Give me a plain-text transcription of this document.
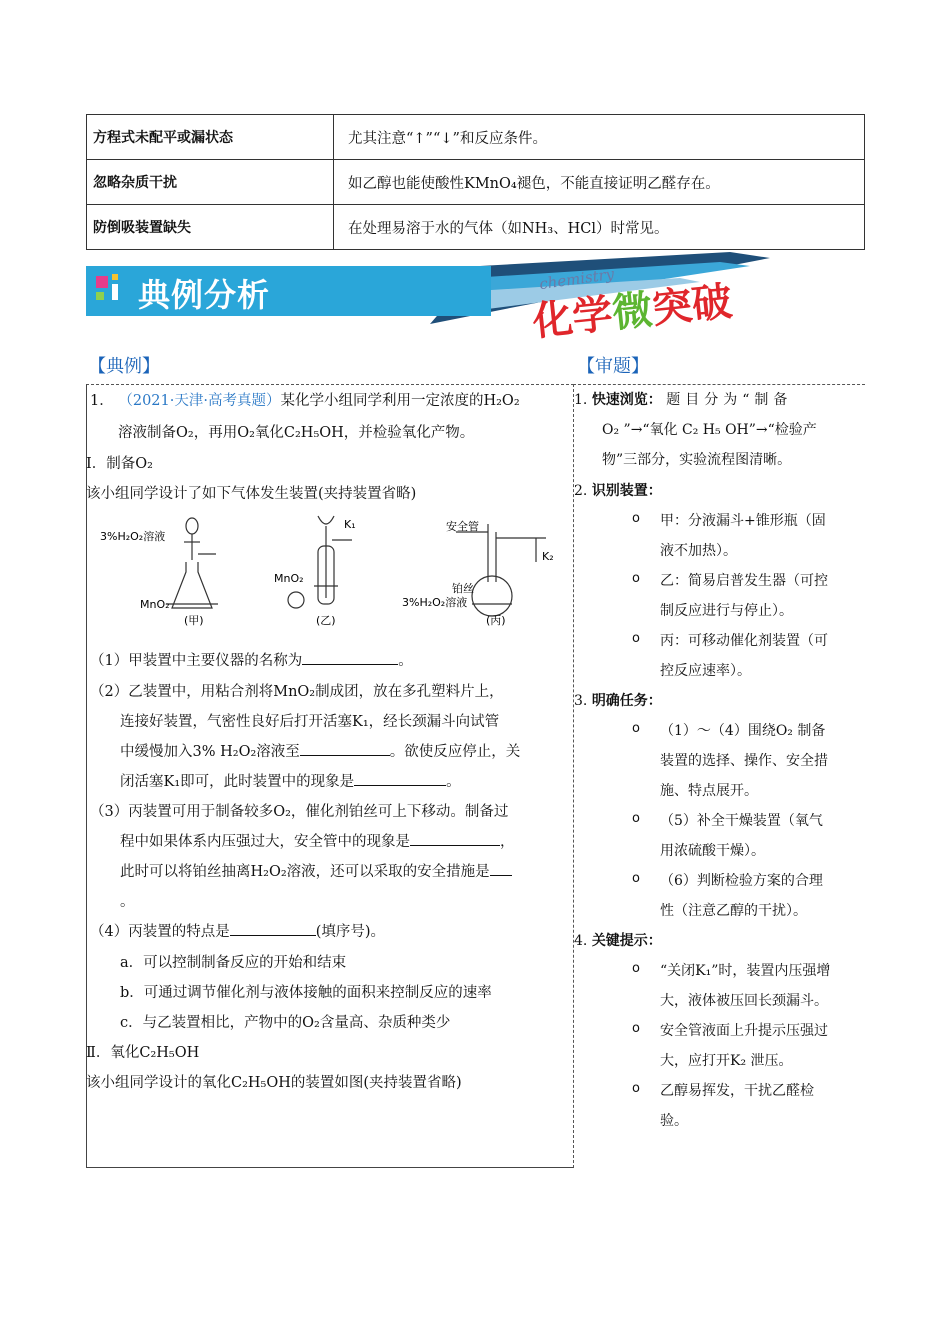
方程式未配平或漏状态	尤其注意“↑”“↓”和反应条件。
忽略杂质干扰	如乙醇也能使酸性KMnO₄褪色，不能直接证明乙醛存在。
防倒吸装置缺失	在处理易溶于水的气体（如NH₃、HCl）时常见。
典例分析	chemistry
化学微突破
【典例】	【审题】
1． （2021·天津·高考真题）某化学小组同学利用一定浓度的H₂O₂
溶液制备O₂，再用O₂氧化C₂H₅OH，并检验氧化产物。
Ⅰ．制备O₂
该小组同学设计了如下气体发生装置(夹持装置省略)
3%H₂O₂溶液
MnO₂
(甲)
K₁
MnO₂
(乙)
安全管
K₂
铂丝
3%H₂O₂溶液
(丙)
（1）甲装置中主要仪器的名称为	。
（2）乙装置中，用粘合剂将MnO₂制成团，放在多孔塑料片上，
连接好装置，气密性良好后打开活塞K₁，经长颈漏斗向试管
中缓慢加入3% H₂O₂溶液至	。欲使反应停止，关
闭活塞K₁即可，此时装置中的现象是	。
（3）丙装置可用于制备较多O₂，催化剂铂丝可上下移动。制备过
程中如果体系内压强过大，安全管中的现象是	，
此时可以将铂丝抽离H₂O₂溶液，还可以采取的安全措施是
。
（4）丙装置的特点是	(填序号)。
a．可以控制制备反应的开始和结束
b．可通过调节催化剂与液体接触的面积来控制反应的速率
c．与乙装置相比，产物中的O₂含量高、杂质种类少
Ⅱ．氧化C₂H₅OH
该小组同学设计的氧化C₂H₅OH的装置如图(夹持装置省略)
1. 快速浏览： 题目分为“制备
O₂ ”→“氧化 C₂ H₅ OH”→“检验产
物”三部分，实验流程图清晰。
2. 识别装置：
o 甲：分液漏斗+锥形瓶（固
液不加热）。
o 乙：简易启普发生器（可控
制反应进行与停止）。
o 丙：可移动催化剂装置（可
控反应速率）。
3. 明确任务：
o （1）～（4）围绕O₂ 制备
装置的选择、操作、安全措
施、特点展开。
o （5）补全干燥装置（氧气
用浓硫酸干燥）。
o （6）判断检验方案的合理
性（注意乙醇的干扰）。
4. 关键提示：
o “关闭K₁”时，装置内压强增
大，液体被压回长颈漏斗。
o 安全管液面上升提示压强过
大，应打开K₂ 泄压。
o 乙醇易挥发，干扰乙醛检
验。
